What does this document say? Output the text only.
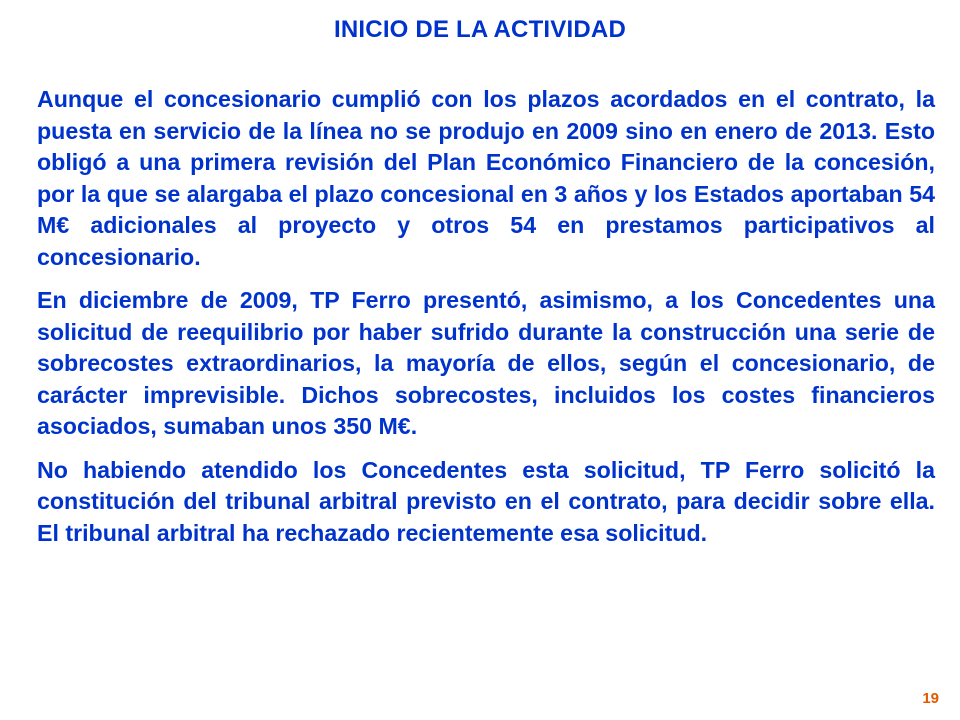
INICIO DE LA ACTIVIDAD

Aunque el concesionario cumplió con los plazos acordados en el contrato, la puesta en servicio de la línea no se produjo en 2009 sino en enero de 2013. Esto obligó a una primera revisión del Plan Económico Financiero de la concesión, por la que se alargaba el plazo concesional en 3 años y los Estados aportaban 54 M€ adicionales al proyecto y otros 54 en prestamos participativos al concesionario.

En diciembre de 2009, TP Ferro presentó, asimismo, a los Concedentes una solicitud de reequilibrio por haber sufrido durante la construcción una serie de sobrecostes extraordinarios, la mayoría de ellos, según el concesionario, de carácter imprevisible. Dichos sobrecostes, incluidos los costes financieros asociados, sumaban unos 350 M€.

No habiendo atendido los Concedentes esta solicitud, TP Ferro solicitó la constitución del tribunal arbitral previsto en el contrato, para decidir sobre ella. El tribunal arbitral ha rechazado recientemente esa solicitud.

19
